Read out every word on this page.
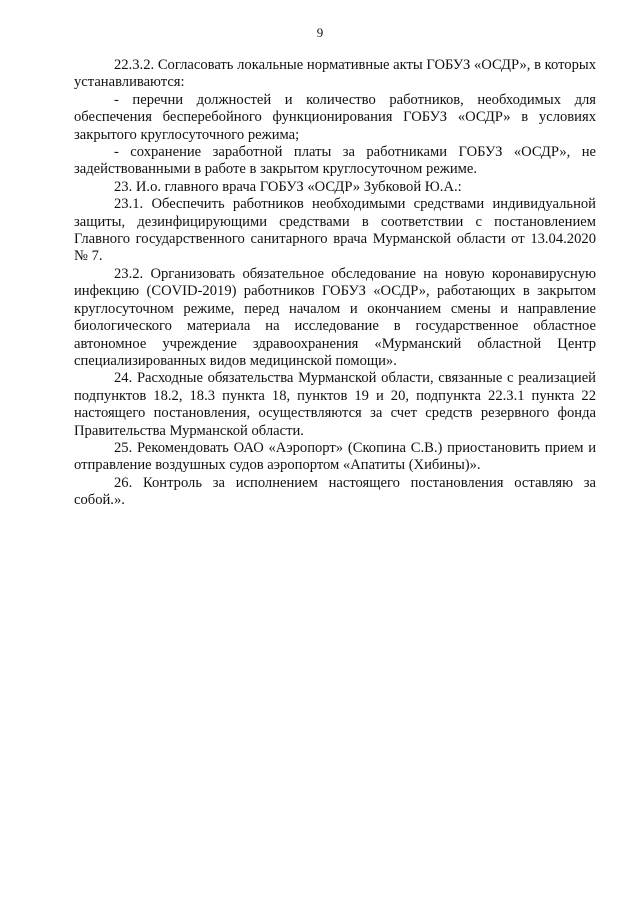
9

22.3.2. Согласовать локальные нормативные акты ГОБУЗ «ОСДР», в которых устанавливаются:

- перечни должностей и количество работников, необходимых для обеспечения бесперебойного функционирования ГОБУЗ «ОСДР» в условиях закрытого круглосуточного режима;

- сохранение заработной платы за работниками ГОБУЗ «ОСДР», не задействованными в работе в закрытом круглосуточном режиме.

23. И.о. главного врача ГОБУЗ «ОСДР» Зубковой Ю.А.:

23.1. Обеспечить работников необходимыми средствами индивидуальной защиты, дезинфицирующими средствами в соответствии с постановлением Главного государственного санитарного врача Мурманской области от 13.04.2020 № 7.

23.2. Организовать обязательное обследование на новую коронавирусную инфекцию (COVID-2019) работников ГОБУЗ «ОСДР», работающих в закрытом круглосуточном режиме, перед началом и окончанием смены и направление биологического материала на исследование в государственное областное автономное учреждение здравоохранения «Мурманский областной Центр специализированных видов медицинской помощи».

24. Расходные обязательства Мурманской области, связанные с реализацией подпунктов 18.2, 18.3 пункта 18, пунктов 19 и 20, подпункта 22.3.1 пункта 22 настоящего постановления, осуществляются за счет средств резервного фонда Правительства Мурманской области.

25. Рекомендовать ОАО «Аэропорт» (Скопина С.В.) приостановить прием и отправление воздушных судов аэропортом «Апатиты (Хибины)».

26. Контроль за исполнением настоящего постановления оставляю за собой.».
